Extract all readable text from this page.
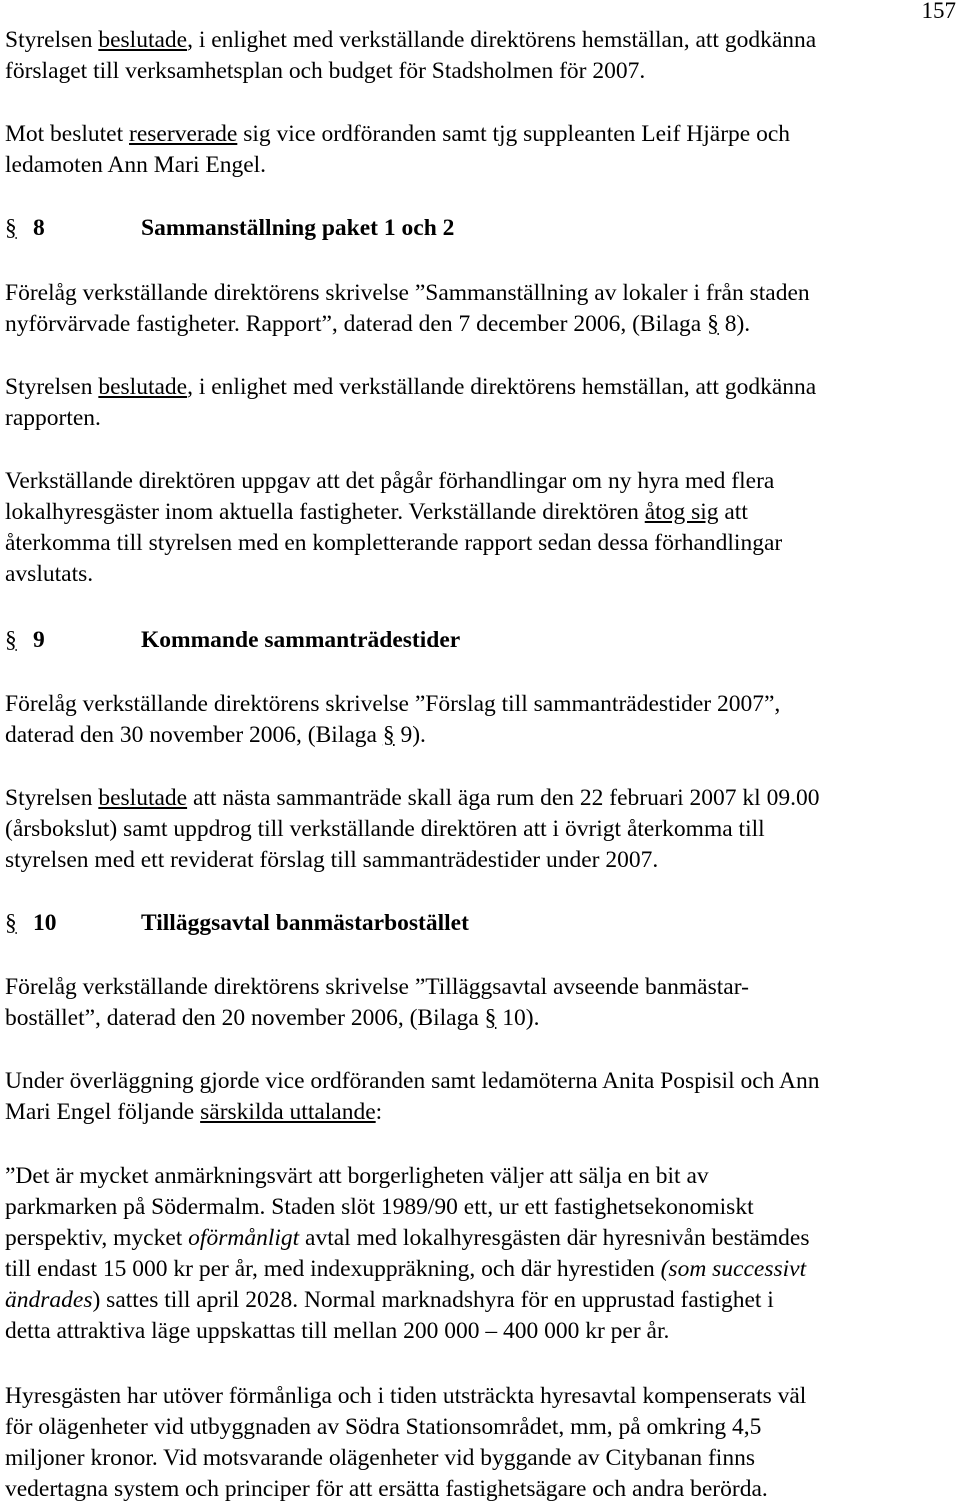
157
Styrelsen beslutade, i enlighet med verkställande direktörens hemställan, att godkänna
förslaget till verksamhetsplan och budget för Stadsholmen för 2007.
Mot beslutet reserverade sig vice ordföranden samt tjg suppleanten Leif Hjärpe och
ledamoten Ann Mari Engel.
§ 8	Sammanställning paket 1 och 2
Förelåg verkställande direktörens skrivelse ”Sammanställning av lokaler i från staden
nyförvärvade fastigheter. Rapport”, daterad den 7 december 2006, (Bilaga § 8).
Styrelsen beslutade, i enlighet med verkställande direktörens hemställan, att godkänna
rapporten.
Verkställande direktören uppgav att det pågår förhandlingar om ny hyra med flera
lokalhyresgäster inom aktuella fastigheter. Verkställande direktören åtog sig att
återkomma till styrelsen med en kompletterande rapport sedan dessa förhandlingar
avslutats.
§ 9	Kommande sammanträdestider
Förelåg verkställande direktörens skrivelse ”Förslag till sammanträdestider 2007”,
daterad den 30 november 2006, (Bilaga § 9).
Styrelsen beslutade att nästa sammanträde skall äga rum den 22 februari 2007 kl 09.00
(årsbokslut) samt uppdrog till verkställande direktören att i övrigt återkomma till
styrelsen med ett reviderat förslag till sammanträdestider under 2007.
§ 10	Tilläggsavtal banmästarbostället
Förelåg verkställande direktörens skrivelse ”Tilläggsavtal avseende banmästar-
bostället”, daterad den 20 november 2006, (Bilaga § 10).
Under överläggning gjorde vice ordföranden samt ledamöterna Anita Pospisil och Ann
Mari Engel följande särskilda uttalande:
”Det är mycket anmärkningsvärt att borgerligheten väljer att sälja en bit av
parkmarken på Södermalm. Staden slöt 1989/90 ett, ur ett fastighetsekonomiskt
perspektiv, mycket oförmånligt avtal med lokalhyresgästen där hyresnivån bestämdes
till endast 15 000 kr per år, med indexuppräkning, och där hyrestiden (som successivt
ändrades) sattes till april 2028. Normal marknadshyra för en upprustad fastighet i
detta attraktiva läge uppskattas till mellan 200 000 – 400 000 kr per år.
Hyresgästen har utöver förmånliga och i tiden utsträckta hyresavtal kompenserats väl
för olägenheter vid utbyggnaden av Södra Stationsområdet, mm, på omkring 4,5
miljoner kronor. Vid motsvarande olägenheter vid byggande av Citybanan finns
vedertagna system och principer för att ersätta fastighetsägare och andra berörda.
